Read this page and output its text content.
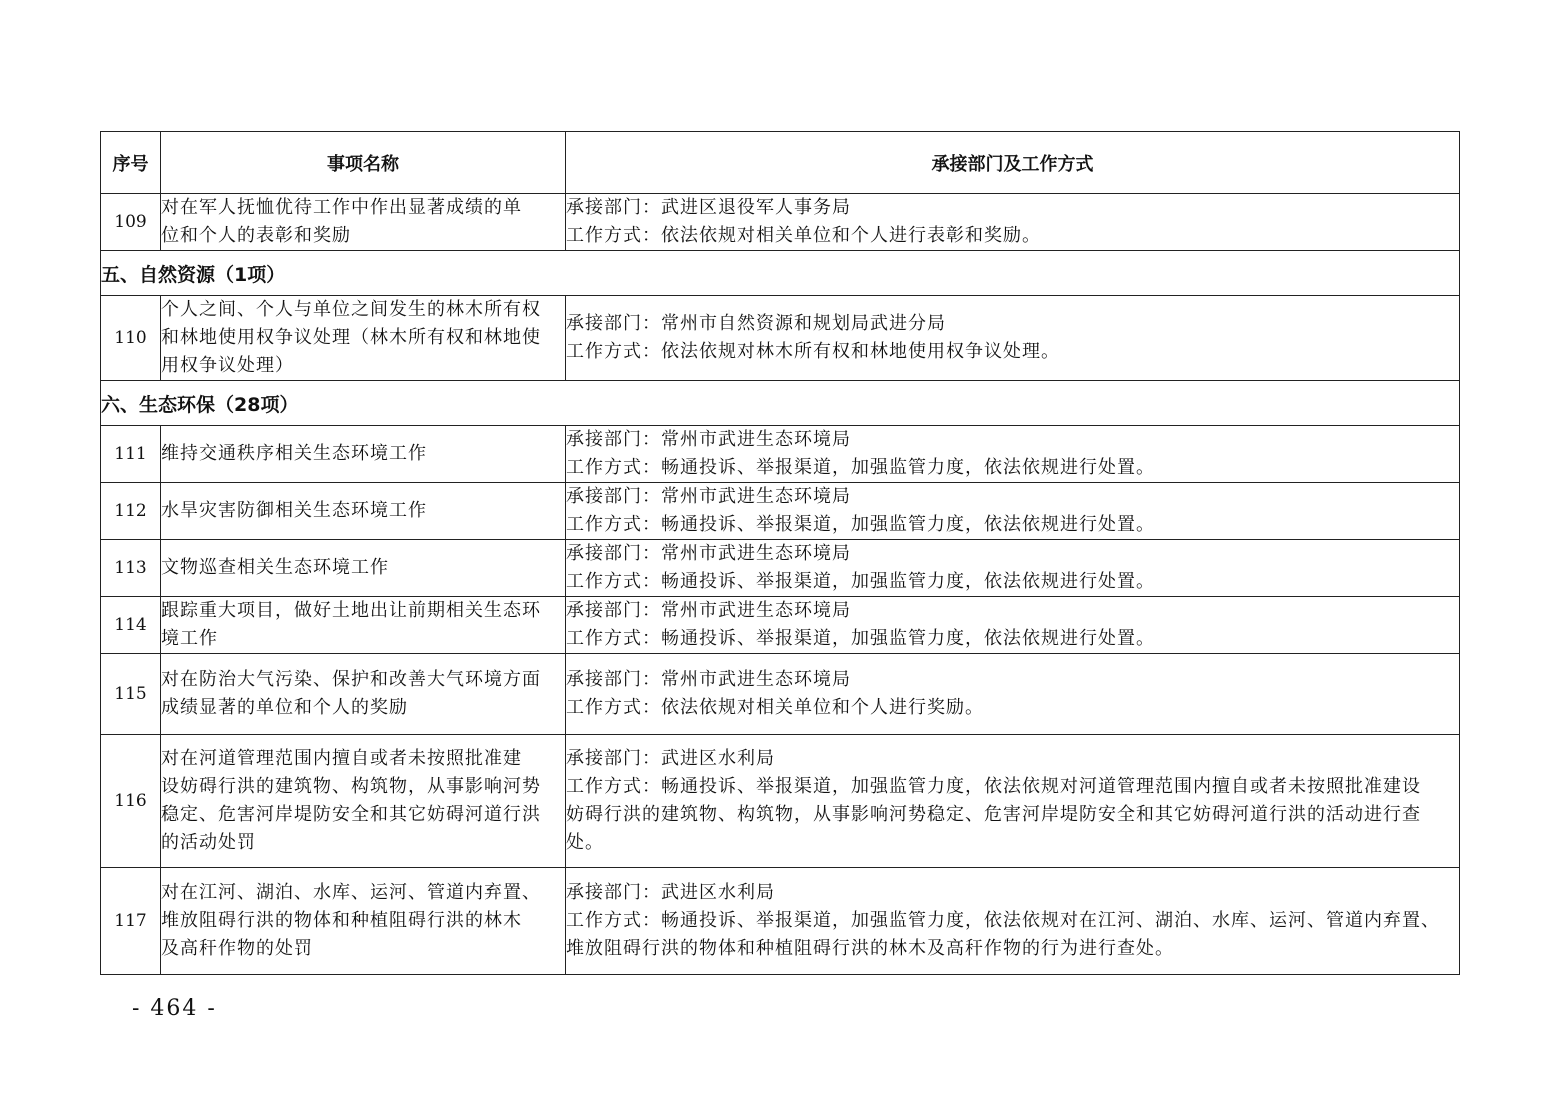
序号	事项名称	承接部门及工作方式
109	对在军人抚恤优待工作中作出显著成绩的单
位和个人的表彰和奖励	承接部门：武进区退役军人事务局
工作方式：依法依规对相关单位和个人进行表彰和奖励。

五、自然资源（1项）		
110	个人之间、个人与单位之间发生的林木所有权
和林地使用权争议处理（林木所有权和林地使
用权争议处理）	承接部门：常州市自然资源和规划局武进分局
工作方式：依法依规对林木所有权和林地使用权争议处理。

六、生态环保（28项）		
111	维持交通秩序相关生态环境工作	承接部门：常州市武进生态环境局
工作方式：畅通投诉、举报渠道，加强监管力度，依法依规进行处置。

112	水旱灾害防御相关生态环境工作	承接部门：常州市武进生态环境局
工作方式：畅通投诉、举报渠道，加强监管力度，依法依规进行处置。

113	文物巡查相关生态环境工作	承接部门：常州市武进生态环境局
工作方式：畅通投诉、举报渠道，加强监管力度，依法依规进行处置。

114	跟踪重大项目，做好土地出让前期相关生态环
境工作	承接部门：常州市武进生态环境局
工作方式：畅通投诉、举报渠道，加强监管力度，依法依规进行处置。

115	对在防治大气污染、保护和改善大气环境方面
成绩显著的单位和个人的奖励	承接部门：常州市武进生态环境局
工作方式：依法依规对相关单位和个人进行奖励。

116	对在河道管理范围内擅自或者未按照批准建
设妨碍行洪的建筑物、构筑物，从事影响河势
稳定、危害河岸堤防安全和其它妨碍河道行洪
的活动处罚	承接部门：武进区水利局
工作方式：畅通投诉、举报渠道，加强监管力度，依法依规对河道管理范围内擅自或者未按照批准建设
妨碍行洪的建筑物、构筑物，从事影响河势稳定、危害河岸堤防安全和其它妨碍河道行洪的活动进行查
处。

117	对在江河、湖泊、水库、运河、管道内弃置、
堆放阻碍行洪的物体和种植阻碍行洪的林木
及高秆作物的处罚	承接部门：武进区水利局
工作方式：畅通投诉、举报渠道，加强监管力度，依法依规对在江河、湖泊、水库、运河、管道内弃置、
堆放阻碍行洪的物体和种植阻碍行洪的林木及高秆作物的行为进行查处。
- 464 -
